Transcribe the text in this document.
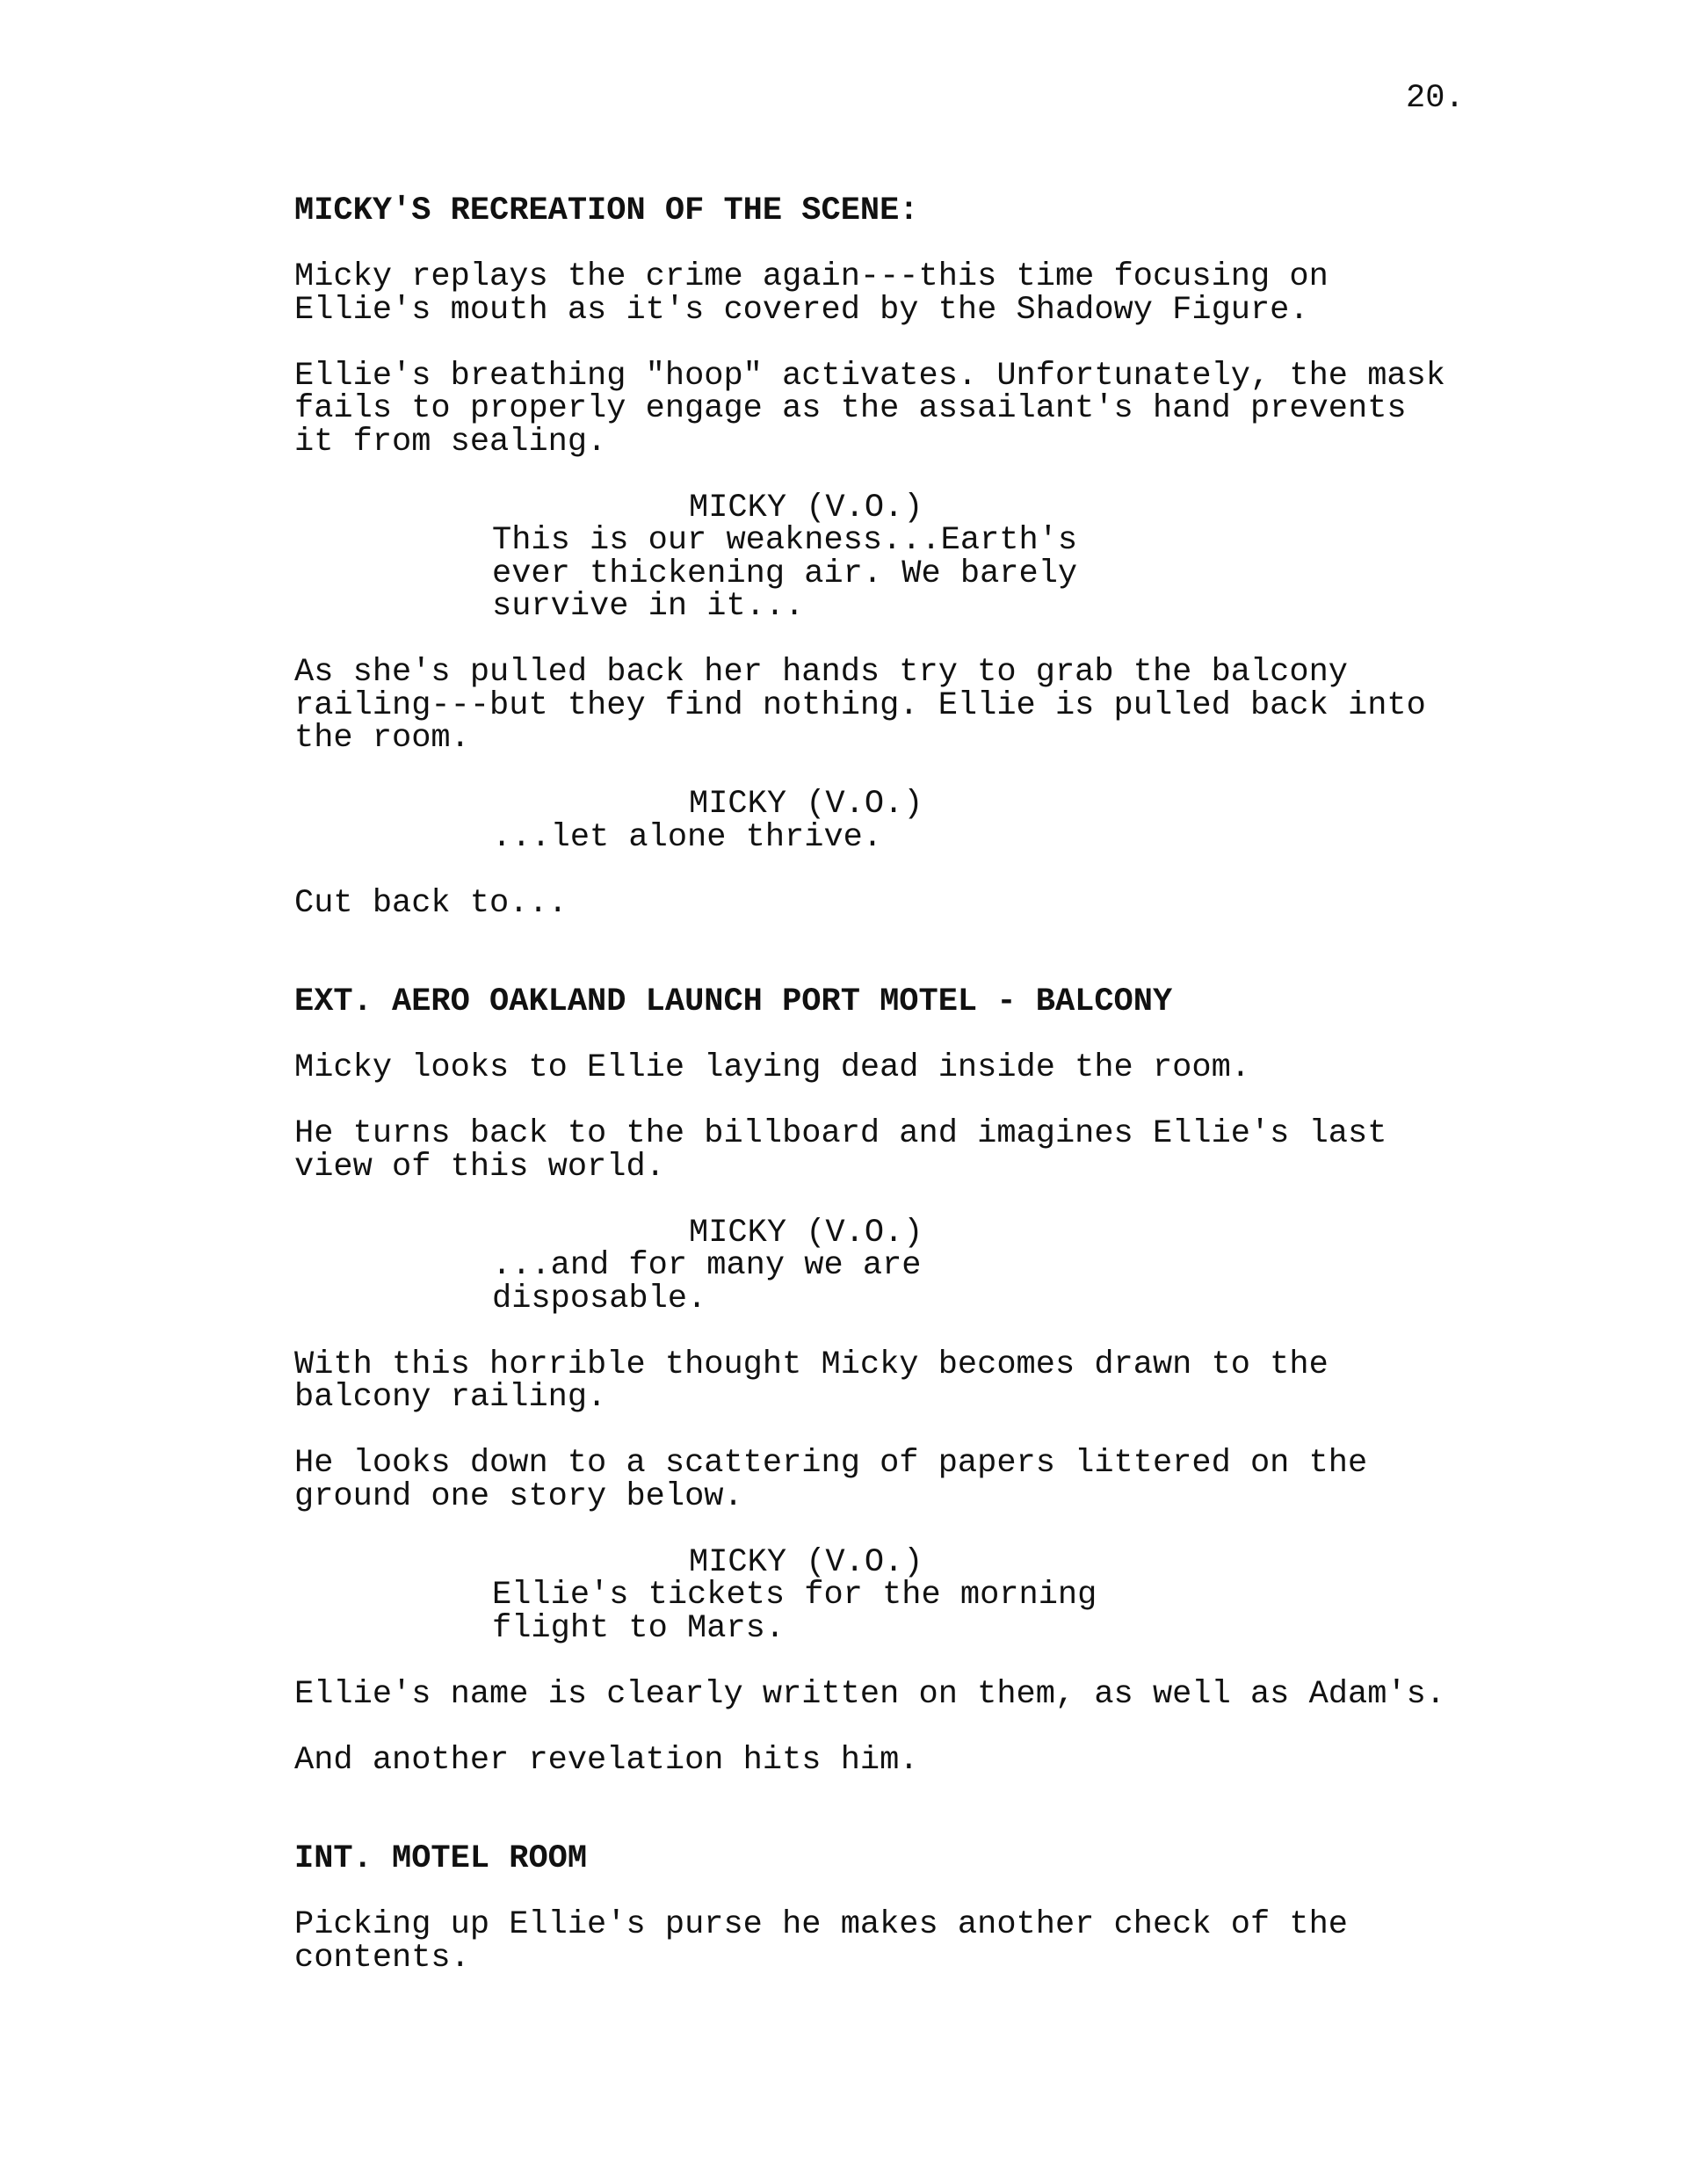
20.

MICKY'S RECREATION OF THE SCENE:

Micky replays the crime again---this time focusing on
Ellie's mouth as it's covered by the Shadowy Figure.

Ellie's breathing "hoop" activates. Unfortunately, the mask
fails to properly engage as the assailant's hand prevents
it from sealing.

MICKY (V.O.)

This is our weakness...Earth's
ever thickening air. We barely
survive in it...

As she's pulled back her hands try to grab the balcony
railing---but they find nothing. Ellie is pulled back into
the room.

MICKY (V.O.)

...let alone thrive.

Cut back to...

EXT. AERO OAKLAND LAUNCH PORT MOTEL - BALCONY

Micky looks to Ellie laying dead inside the room.

He turns back to the billboard and imagines Ellie's last
view of this world.

MICKY (V.O.)

...and for many we are disposable.

With this horrible thought Micky becomes drawn to the
balcony railing.

He looks down to a scattering of papers littered on the
ground one story below.

MICKY (V.O.)

Ellie's tickets for the morning
flight to Mars.

Ellie's name is clearly written on them, as well as Adam's.

And another revelation hits him.

INT. MOTEL ROOM

Picking up Ellie's purse he makes another check of the
contents.
